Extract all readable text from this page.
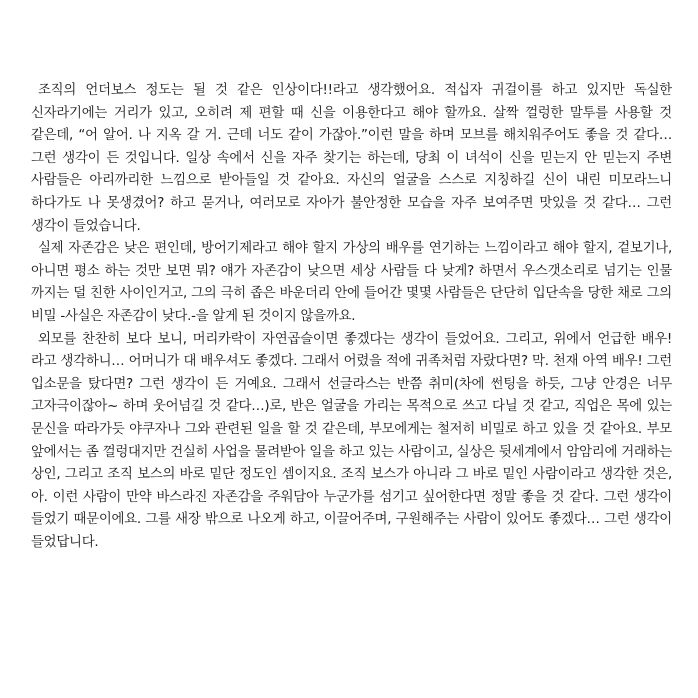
조직의 언더보스 정도는 될 것 같은 인상이다!!라고 생각했어요. 적십자 귀걸이를 하고 있지만 독실한 신자라기에는 거리가 있고, 오히려 제 편할 때 신을 이용한다고 해야 할까요. 살짝 껄렁한 말투를 사용할 것 같은데, “어 알어. 나 지옥 갈 거. 근데 너도 같이 가잖아.”이런 말을 하며 모브를 해치워주어도 좋을 것 같다… 그런 생각이 든 것입니다. 일상 속에서 신을 자주 찾기는 하는데, 당최 이 녀석이 신을 믿는지 안 믿는지 주변 사람들은 아리까리한 느낌으로 받아들일 것 같아요. 자신의 얼굴을 스스로 지칭하길 신이 내린 미모라느니 하다가도 나 못생겼어? 하고 묻거나, 여러모로 자아가 불안정한 모습을 자주 보여주면 맛있을 것 같다… 그런 생각이 들었습니다.

실제 자존감은 낮은 편인데, 방어기제라고 해야 할지 가상의 배우를 연기하는 느낌이라고 해야 할지, 겉보기나, 아니면 평소 하는 것만 보면 뭐? 얘가 자존감이 낮으면 세상 사람들 다 낮게? 하면서 우스갯소리로 넘기는 인물 까지는 덜 친한 사이인거고, 그의 극히 좁은 바운더리 안에 들어간 몇몇 사람들은 단단히 입단속을 당한 채로 그의 비밀 -사실은 자존감이 낮다.-을 알게 된 것이지 않을까요.

외모를 찬찬히 보다 보니, 머리카락이 자연곱슬이면 좋겠다는 생각이 들었어요. 그리고, 위에서 언급한 배우!라고 생각하니… 어머니가 대 배우셔도 좋겠다. 그래서 어렸을 적에 귀족처럼 자랐다면? 막. 천재 아역 배우! 그런 입소문을 탔다면? 그런 생각이 든 거예요. 그래서 선글라스는 반쯤 취미(차에 썬팅을 하듯, 그냥 안경은 너무 고자극이잖아~ 하며 웃어넘길 것 같다…)로, 반은 얼굴을 가리는 목적으로 쓰고 다닐 것 같고, 직업은 목에 있는 문신을 따라가듯 야쿠자나 그와 관련된 일을 할 것 같은데, 부모에게는 철저히 비밀로 하고 있을 것 같아요. 부모 앞에서는 좀 껄렁대지만 건실히 사업을 물려받아 일을 하고 있는 사람이고, 실상은 뒷세계에서 암암리에 거래하는 상인, 그리고 조직 보스의 바로 밑단 정도인 셈이지요. 조직 보스가 아니라 그 바로 밑인 사람이라고 생각한 것은, 아. 이런 사람이 만약 바스라진 자존감을 주워담아 누군가를 섬기고 싶어한다면 정말 좋을 것 같다. 그런 생각이 들었기 때문이에요. 그를 새장 밖으로 나오게 하고, 이끌어주며, 구원해주는 사람이 있어도 좋겠다… 그런 생각이 들었답니다.
